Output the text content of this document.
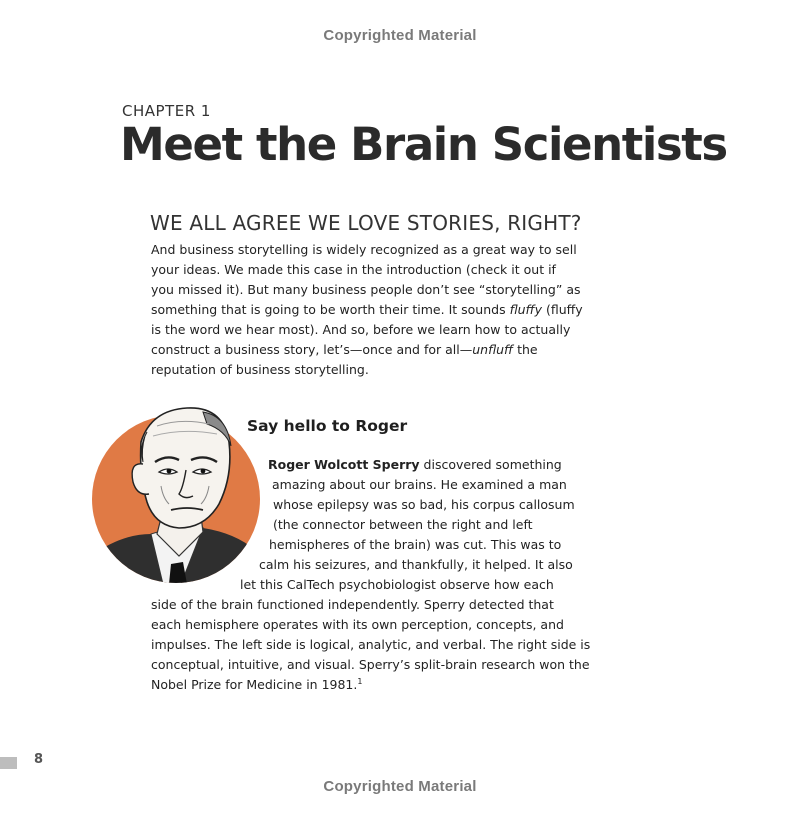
Copyrighted Material
CHAPTER 1
Meet the Brain Scientists
WE ALL AGREE WE LOVE STORIES, RIGHT?
And business storytelling is widely recognized as a great way to sell
your ideas. We made this case in the introduction (check it out if
you missed it). But many business people don’t see “storytelling” as
something that is going to be worth their time. It sounds fluffy (fluffy
is the word we hear most). And so, before we learn how to actually
construct a business story, let’s—once and for all—unfluff the
reputation of business storytelling.
Say hello to Roger
Roger Wolcott Sperry discovered something
amazing about our brains. He examined a man
whose epilepsy was so bad, his corpus callosum
(the connector between the right and left
hemispheres of the brain) was cut. This was to
calm his seizures, and thankfully, it helped. It also
let this CalTech psychobiologist observe how each
side of the brain functioned independently. Sperry detected that
each hemisphere operates with its own perception, concepts, and
impulses. The left side is logical, analytic, and verbal. The right side is
conceptual, intuitive, and visual. Sperry’s split-brain research won the
Nobel Prize for Medicine in 1981.$^1$
8
Copyrighted Material
